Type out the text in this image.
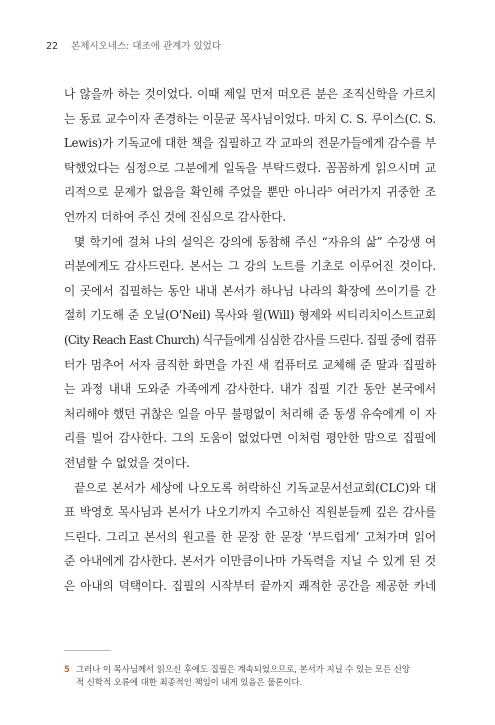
22 본제시오네스: 대조에 관계가 있었다
나 않을까 하는 것이었다. 이때 제일 먼저 떠오른 분은 조직신학을 가르치
는 동료 교수이자 존경하는 이문균 목사님이었다. 마치 C. S. 루이스(C. S.
Lewis)가 기독교에 대한 책을 집필하고 각 교파의 전문가들에게 감수를 부
탁했었다는 심정으로 그분에게 일독을 부탁드렸다. 꼼꼼하게 읽으시며 교
리적으로 문제가 없음을 확인해 주었을 뿐만 아니라⁵ 여러가지 귀중한 조
언까지 더하여 주신 것에 진심으로 감사한다.
몇 학기에 걸쳐 나의 설익은 강의에 동참해 주신 “자유의 삶” 수강생 여
러분에게도 감사드린다. 본서는 그 강의 노트를 기초로 이루어진 것이다.
이 곳에서 집필하는 동안 내내 본서가 하나님 나라의 확장에 쓰이기를 간
절히 기도해 준 오닐(O'Neil) 목사와 윌(Will) 형제와 씨티리치이스트교회
(City Reach East Church) 식구들에게 심심한 감사를 드린다. 집필 중에 컴퓨
터가 멈추어 서자 큼직한 화면을 가진 새 컴퓨터로 교체해 준 딸과 집필하
는 과정 내내 도와준 가족에게 감사한다. 내가 집필 기간 동안 본국에서
처리해야 했던 귀찮은 일을 아무 불평없이 처리해 준 동생 유숙에게 이 자
리를 빌어 감사한다. 그의 도움이 없었다면 이처럼 평안한 맘으로 집필에
전념할 수 없었을 것이다.
끝으로 본서가 세상에 나오도록 허락하신 기독교문서선교회(CLC)와 대
표 박영호 목사님과 본서가 나오기까지 수고하신 직원분들께 깊은 감사를
드린다. 그리고 본서의 원고를 한 문장 한 문장 ‘부드럽게’ 고쳐가며 읽어
준 아내에게 감사한다. 본서가 이만큼이나마 가독력을 지닐 수 있게 된 것
은 아내의 덕택이다. 집필의 시작부터 끝까지 쾌적한 공간을 제공한 카네
5 그러나 이 목사님께서 읽으신 후에도 집필은 계속되었으므로, 본서가 지닐 수 있는 모든 신앙
적 신학적 오류에 대한 최종적인 책임이 내게 있음은 물론이다.
